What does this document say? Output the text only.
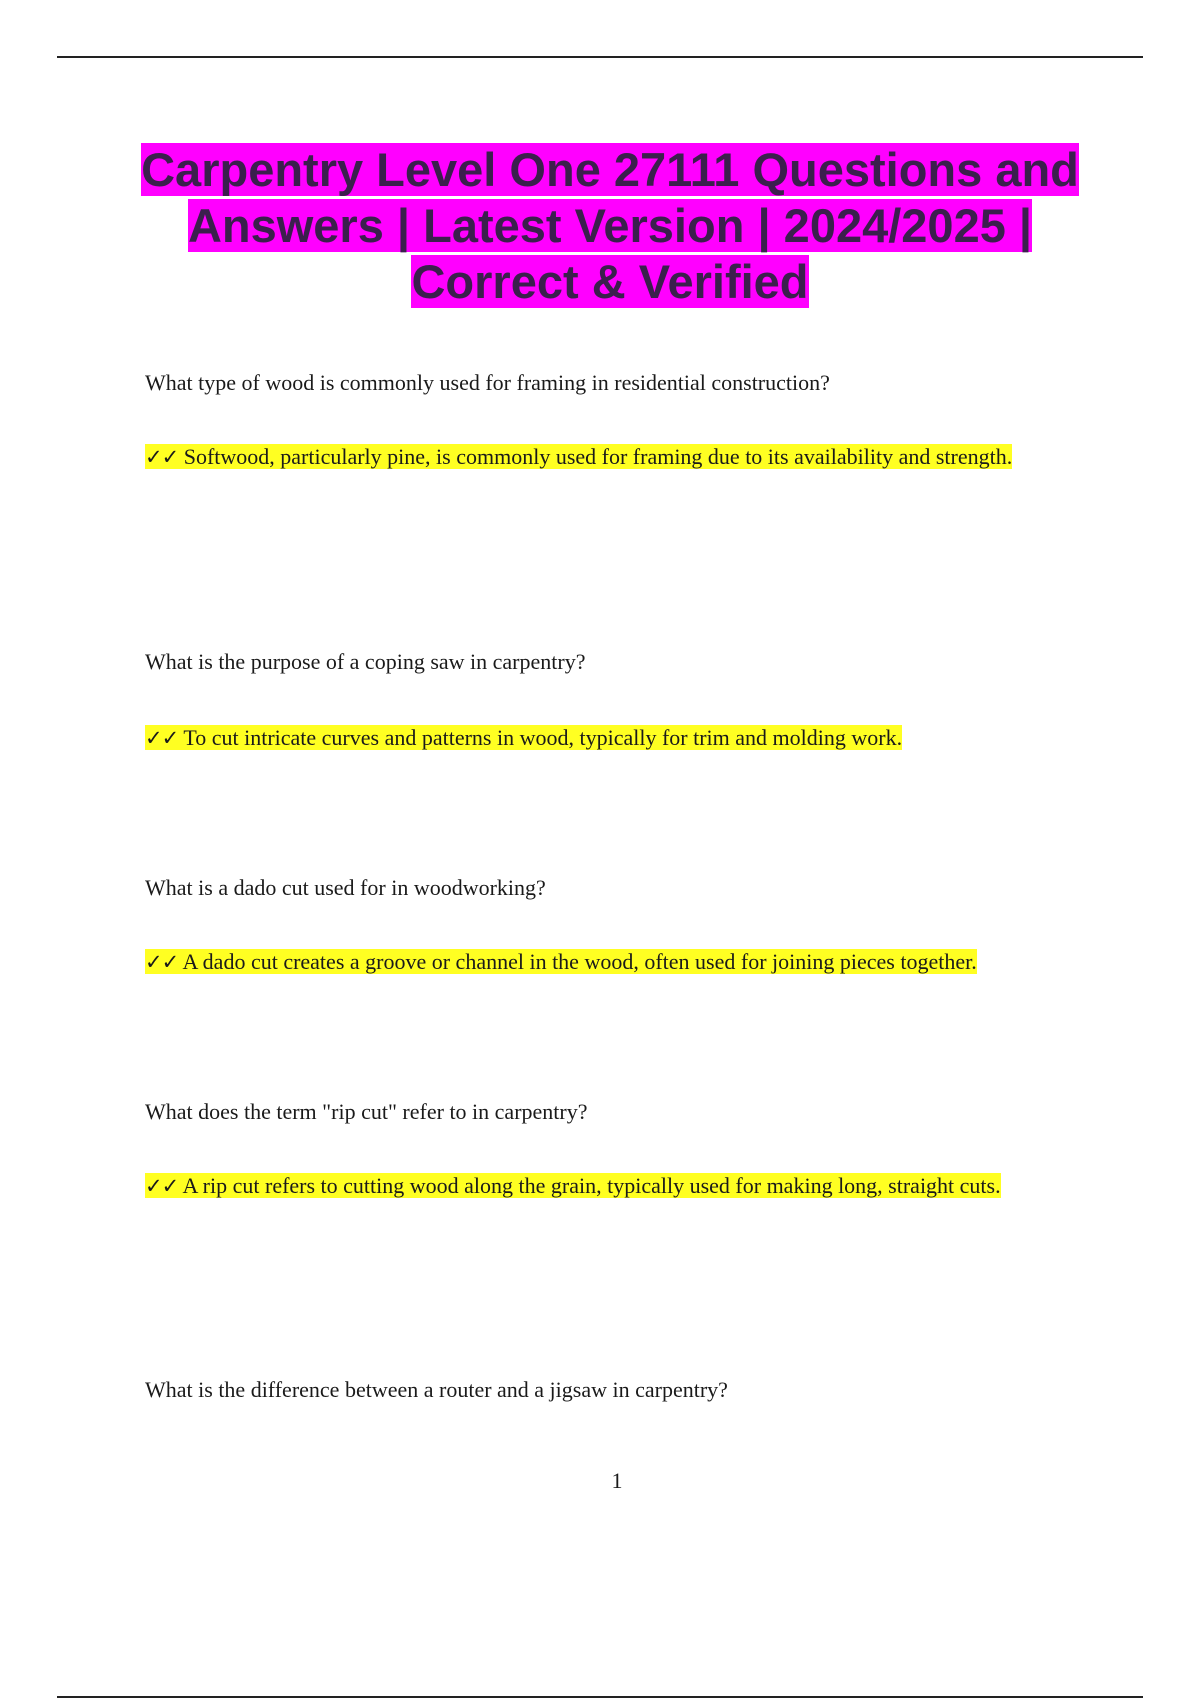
Carpentry Level One 27111 Questions and Answers | Latest Version | 2024/2025 | Correct & Verified

What type of wood is commonly used for framing in residential construction?

✓✓ Softwood, particularly pine, is commonly used for framing due to its availability and strength.

What is the purpose of a coping saw in carpentry?

✓✓ To cut intricate curves and patterns in wood, typically for trim and molding work.

What is a dado cut used for in woodworking?

✓✓ A dado cut creates a groove or channel in the wood, often used for joining pieces together.

What does the term "rip cut" refer to in carpentry?

✓✓ A rip cut refers to cutting wood along the grain, typically used for making long, straight cuts.

What is the difference between a router and a jigsaw in carpentry?

1
